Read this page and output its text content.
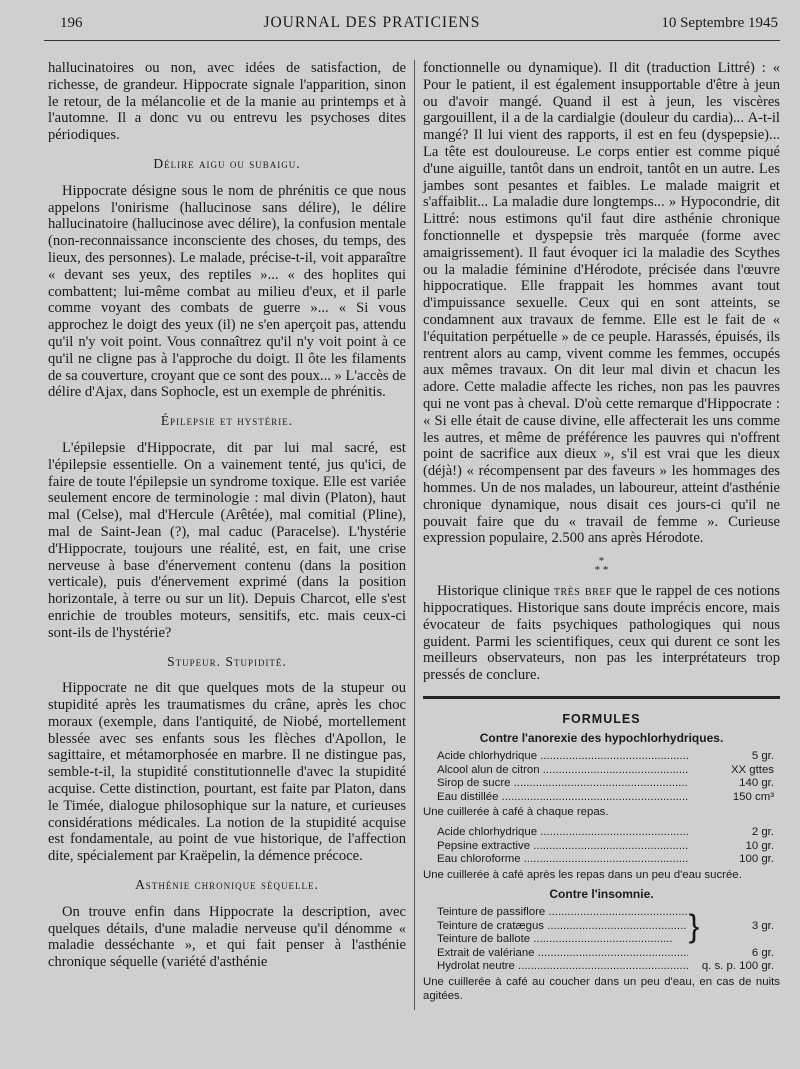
196	JOURNAL DES PRATICIENS	10 Septembre 1945

hallucinatoires ou non, avec idées de satisfaction, de richesse, de grandeur. Hippocrate signale l'apparition, sinon le retour, de la mélancolie et de la manie au printemps et à l'automne. Il a donc vu ou entrevu les psychoses dites périodiques.

Délire aigu ou subaigu.

Hippocrate désigne sous le nom de phrénitis ce que nous appelons l'onirisme (hallucinose sans délire), le délire hallucinatoire (hallucinose avec délire), la confusion mentale (non-reconnaissance inconsciente des choses, du temps, des lieux, des personnes). Le malade, précise-t-il, voit apparaître « devant ses yeux, des reptiles »... « des hoplites qui combattent; lui-même combat au milieu d'eux, et il parle comme voyant des combats de guerre »... « Si vous approchez le doigt des yeux (il) ne s'en aperçoit pas, attendu qu'il n'y voit point. Vous connaîtrez qu'il n'y voit point à ce qu'il ne cligne pas à l'approche du doigt. Il ôte les filaments de sa couverture, croyant que ce sont des poux... » L'accès de délire d'Ajax, dans Sophocle, est un exemple de phrénitis.

Épilepsie et hystérie.

L'épilepsie d'Hippocrate, dit par lui mal sacré, est l'épilepsie essentielle. On a vainement tenté, jus qu'ici, de faire de toute l'épilepsie un syndrome toxique. Elle est variée seulement encore de terminologie : mal divin (Platon), haut mal (Celse), mal d'Hercule (Arêtée), mal comitial (Pline), mal de Saint-Jean (?), mal caduc (Paracelse). L'hystérie d'Hippocrate, toujours une réalité, est, en fait, une crise nerveuse à base d'énervement contenu (dans la position verticale), puis d'énervement exprimé (dans la position horizontale, à terre ou sur un lit). Depuis Charcot, elle s'est enrichie de troubles moteurs, sensitifs, etc. mais ceux-ci sont-ils de l'hystérie?

Stupeur. Stupidité.

Hippocrate ne dit que quelques mots de la stupeur ou stupidité après les traumatismes du crâne, après les choc moraux (exemple, dans l'antiquité, de Niobé, mortellement blessée avec ses enfants sous les flèches d'Apollon, le sagittaire, et métamorphosée en marbre. Il ne distingue pas, semble-t-il, la stupidité constitutionnelle d'avec la stupidité acquise. Cette distinction, pourtant, est faite par Platon, dans le Timée, dialogue philosophique sur la nature, et curieuses considérations médicales. La notion de la stupidité acquise est fondamentale, au point de vue historique, de l'affection dite, spécialement par Kraëpelin, la démence précoce.

Asthénie chronique séquelle.

On trouve enfin dans Hippocrate la description, avec quelques détails, d'une maladie nerveuse qu'il dénomme « maladie desséchante », et qui fait penser à l'asthénie chronique séquelle (variété d'asthénie

fonctionnelle ou dynamique). Il dit (traduction Littré) : « Pour le patient, il est également insupportable d'être à jeun ou d'avoir mangé. Quand il est à jeun, les viscères gargouillent, il a de la cardialgie (douleur du cardia)... A-t-il mangé? Il lui vient des rapports, il est en feu (dyspepsie)... La tête est douloureuse. Le corps entier est comme piqué d'une aiguille, tantôt dans un endroit, tantôt en un autre. Les jambes sont pesantes et faibles. Le malade maigrit et s'affaiblit... La maladie dure longtemps... » Hypocondrie, dit Littré: nous estimons qu'il faut dire asthénie chronique fonctionnelle et dyspepsie très marquée (forme avec amaigrissement). Il faut évoquer ici la maladie des Scythes ou la maladie féminine d'Hérodote, précisée dans l'œuvre hippocratique. Elle frappait les hommes avant tout d'impuissance sexuelle. Ceux qui en sont atteints, se condamnent aux travaux de femme. Elle est le fait de « l'équitation perpétuelle » de ce peuple. Harassés, épuisés, ils rentrent alors au camp, vivent comme les femmes, occupés aux mêmes travaux. On dit leur mal divin et chacun les adore. Cette maladie affecte les riches, non pas les pauvres qui ne vont pas à cheval. D'où cette remarque d'Hippocrate : « Si elle était de cause divine, elle affecterait les uns comme les autres, et même de préférence les pauvres qui n'offrent point de sacrifice aux dieux », s'il est vrai que les dieux (déjà!) « récompensent par des faveurs » les hommages des hommes. Un de nos malades, un laboureur, atteint d'asthénie chronique dynamique, nous disait ces jours-ci qu'il ne pouvait faire que du « travail de femme ». Curieuse expression populaire, 2.500 ans après Hérodote.

*
* *

Historique clinique très bref que le rappel de ces notions hippocratiques. Historique sans doute imprécis encore, mais évocateur de faits psychiques pathologiques qui nous guident. Parmi les scientifiques, ceux qui durent ce sont les meilleurs observateurs, non pas les interprétateurs trop pressés de conclure.

FORMULES
Contre l'anorexie des hypochlorhydriques.
Acide chlorhydrique .....	5 gr.
Alcool alun de citron .....	XX gttes
Sirop de sucre .....	140 gr.
Eau distillée .....	150 cm³
Une cuillerée à café à chaque repas.
Acide chlorhydrique .....	2 gr.
Pepsine extractive .....	10 gr.
Eau chloroforme .....	100 gr.
Une cuillerée à café après les repas dans un peu d'eau sucrée.
Contre l'insomnie.
Teinture de passiflore .....
Teinture de cratægus .....
Teinture de ballote .....	}	3 gr.
Extrait de valériane .....	6 gr.
Hydrolat neutre .....	q. s. p. 100 gr.
Une cuillerée à café au coucher dans un peu d'eau, en cas de nuits agitées.
